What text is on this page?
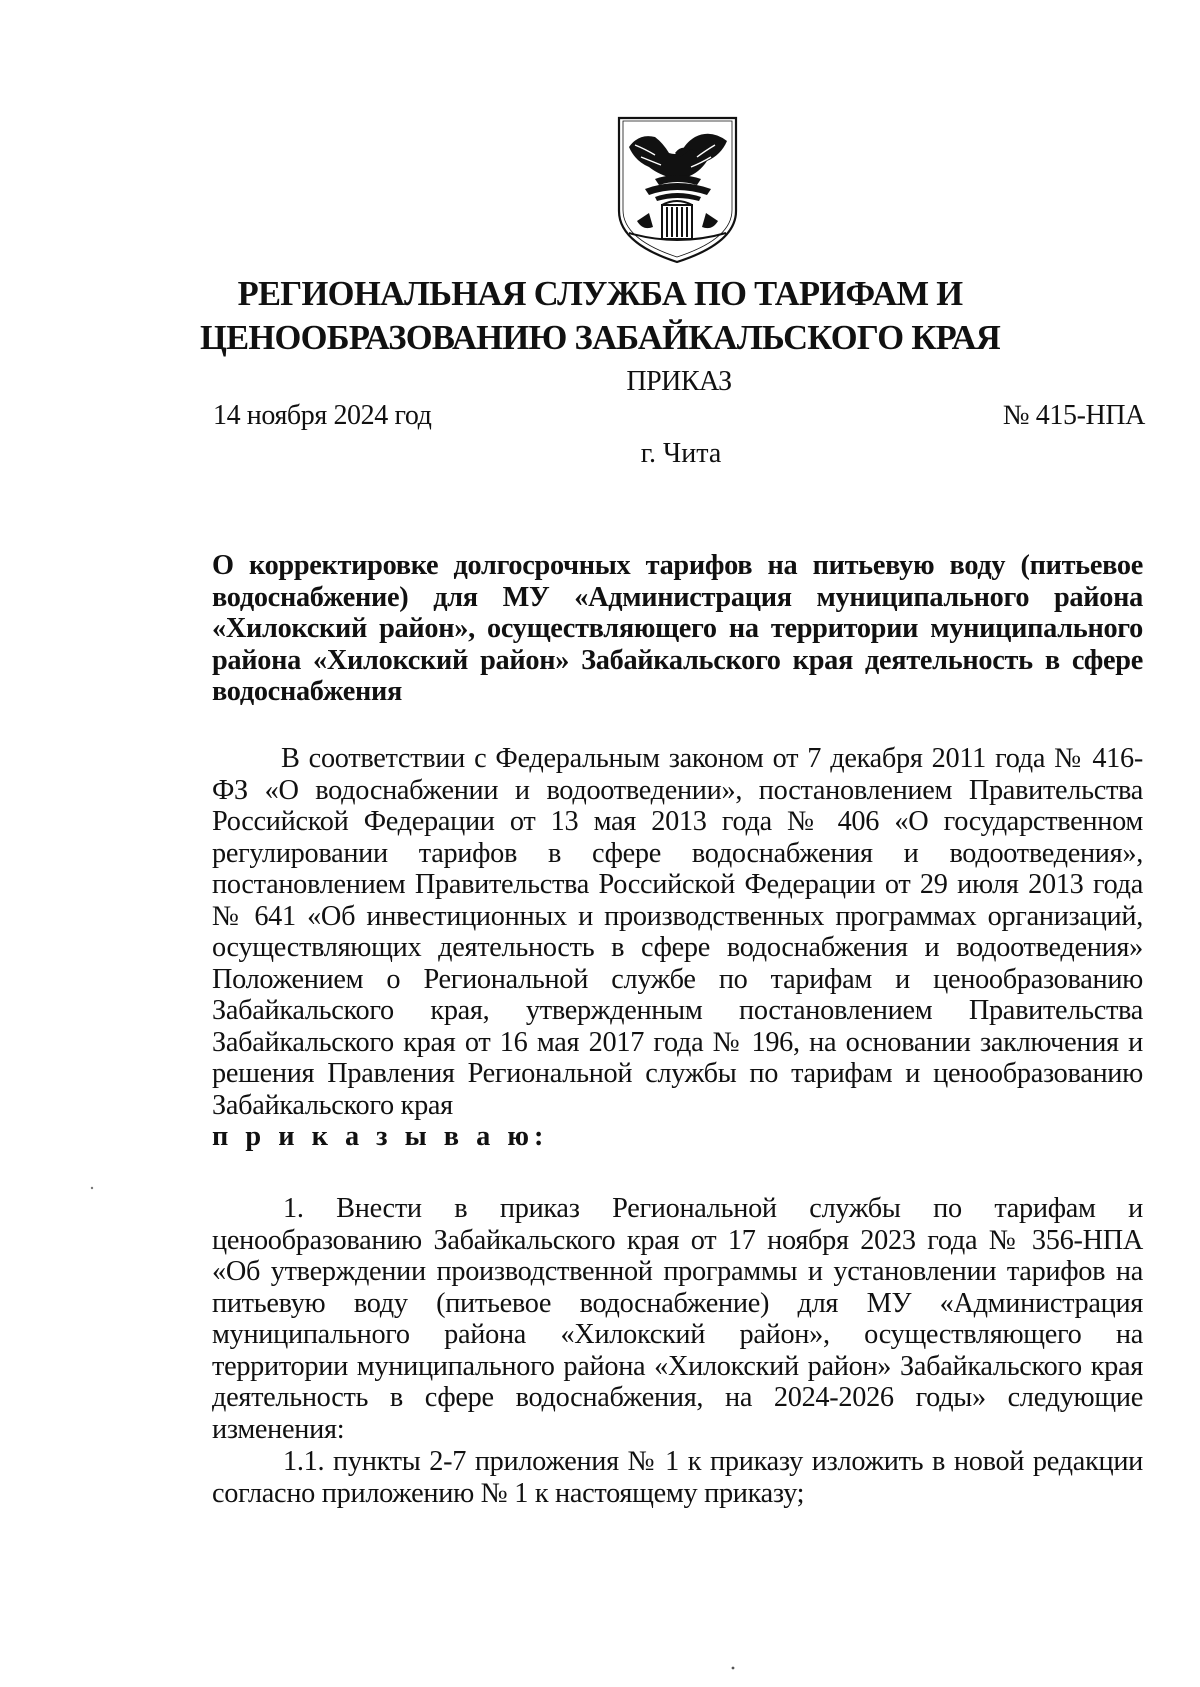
РЕГИОНАЛЬНАЯ СЛУЖБА ПО ТАРИФАМ И
ЦЕНООБРАЗОВАНИЮ ЗАБАЙКАЛЬСКОГО КРАЯ
ПРИКАЗ
14 ноября 2024 год	№ 415-НПА
г. Чита
О корректировке долгосрочных тарифов на питьевую воду (питьевое водоснабжение) для МУ «Администрация муниципального района «Хилокский район», осуществляющего на территории муниципального района «Хилокский район» Забайкальского края деятельность в сфере водоснабжения
В соответствии с Федеральным законом от 7 декабря 2011 года № 416-ФЗ «О водоснабжении и водоотведении», постановлением Правительства Российской Федерации от 13 мая 2013 года № 406 «О государственном регулировании тарифов в сфере водоснабжения и водоотведения», постановлением Правительства Российской Федерации от 29 июля 2013 года № 641 «Об инвестиционных и производственных программах организаций, осуществляющих деятельность в сфере водоснабжения и водоотведения» Положением о Региональной службе по тарифам и ценообразованию Забайкальского края, утвержденным постановлением Правительства Забайкальского края от 16 мая 2017 года № 196, на основании заключения и решения Правления Региональной службы по тарифам и ценообразованию Забайкальского края
п р и к а з ы в а ю:
1. Внести в приказ Региональной службы по тарифам и ценообразованию Забайкальского края от 17 ноября 2023 года № 356-НПА «Об утверждении производственной программы и установлении тарифов на питьевую воду (питьевое водоснабжение) для МУ «Администрация муниципального района «Хилокский район», осуществляющего на территории муниципального района «Хилокский район» Забайкальского края деятельность в сфере водоснабжения, на 2024-2026 годы» следующие изменения:
1.1. пункты 2-7 приложения № 1 к приказу изложить в новой редакции согласно приложению № 1 к настоящему приказу;
